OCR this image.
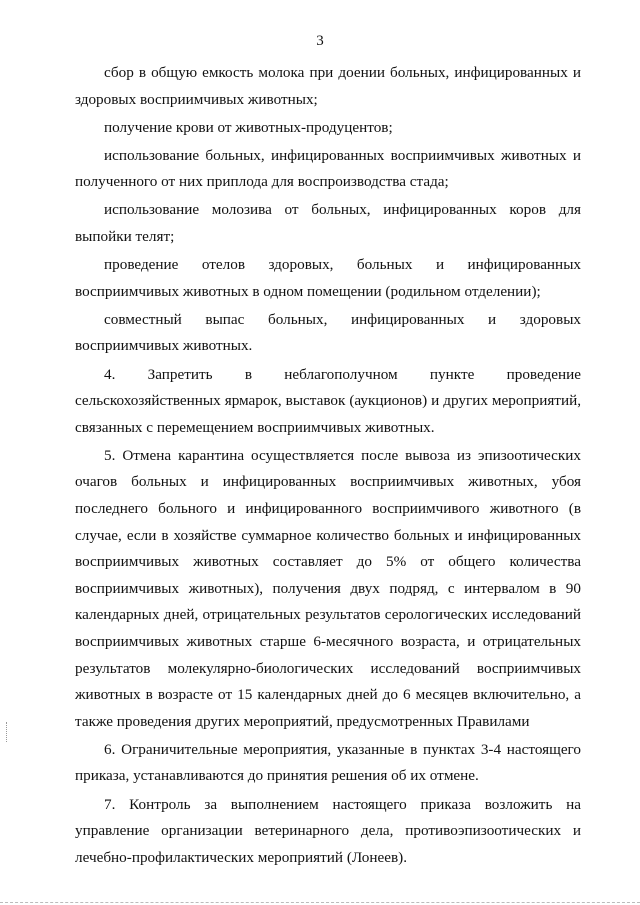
3

сбор в общую емкость молока при доении больных, инфицированных и здоровых восприимчивых животных;

получение крови от животных-продуцентов;

использование больных, инфицированных восприимчивых животных и полученного от них приплода для воспроизводства стада;

использование молозива от больных, инфицированных коров для выпойки телят;

проведение отелов здоровых, больных и инфицированных восприимчивых животных в одном помещении (родильном отделении);

совместный выпас больных, инфицированных и здоровых восприимчивых животных.

4. Запретить в неблагополучном пункте проведение сельскохозяйственных ярмарок, выставок (аукционов) и других мероприятий, связанных с перемещением восприимчивых животных.

5. Отмена карантина осуществляется после вывоза из эпизоотических очагов больных и инфицированных восприимчивых животных, убоя последнего больного и инфицированного восприимчивого животного (в случае, если в хозяйстве суммарное количество больных и инфицированных восприимчивых животных составляет до 5% от общего количества восприимчивых животных), получения двух подряд, с интервалом в 90 календарных дней, отрицательных результатов серологических исследований восприимчивых животных старше 6-месячного возраста, и отрицательных результатов молекулярно-биологических исследований восприимчивых животных в возрасте от 15 календарных дней до 6 месяцев включительно, а также проведения других мероприятий, предусмотренных Правилами

6. Ограничительные мероприятия, указанные в пунктах 3-4 настоящего приказа, устанавливаются до принятия решения об их отмене.

7. Контроль за выполнением настоящего приказа возложить на управление организации ветеринарного дела, противоэпизоотических и лечебно-профилактических мероприятий (Лонеев).
